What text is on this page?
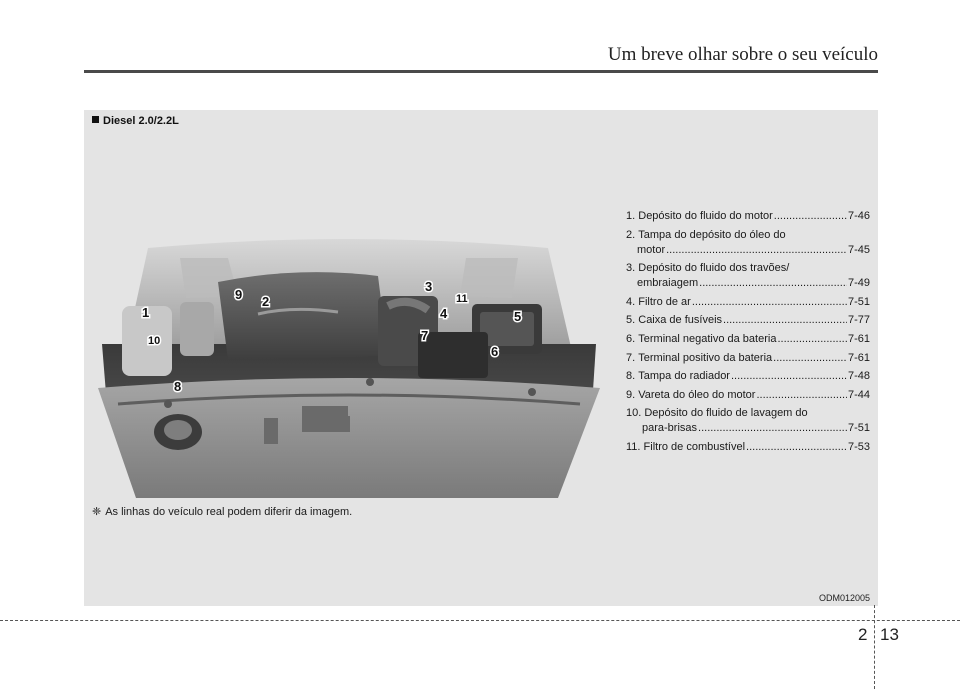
Um breve olhar sobre o seu veículo
Diesel 2.0/2.2L
1
2
3
4	5
6
7
8
9
10
11
1.
Depósito do fluido do motor .....	7-46
2.
Tampa do depósito do óleo do
motor .....	7-45
3.
Depósito do fluido dos travões/
embraiagem .....	7-49
4.
Filtro de ar .....	7-51
5.
Caixa de fusíveis .....	7-77
6.
Terminal negativo da bateria .....	7-61
7.
Terminal positivo da bateria .....	7-61
8.
Tampa do radiador .....	7-48
9.
Vareta do óleo do motor .....	7-44
10.
Depósito do fluido de lavagem do
para-brisas .....	7-51
11.
Filtro de combustível .....	7-53
❈ As linhas do veículo real podem diferir da imagem.
ODM012005
2 13
